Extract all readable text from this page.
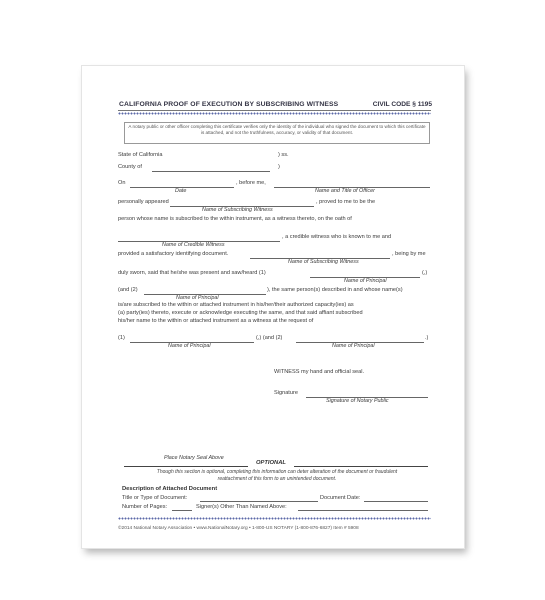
CALIFORNIA PROOF OF EXECUTION BY SUBSCRIBING WITNESS	CIVIL CODE § 1195
A notary public or other officer completing this certificate verifies only the identity of the individual who signed the document to which this certificate is attached, and not the truthfulness, accuracy, or validity of that document.
State of California	) ss.
County of	)
On	, before me,
Date	Name and Title of Officer
personally appeared	, proved to me to be the
Name of Subscribing Witness
person whose name is subscribed to the within instrument, as a witness thereto, on the oath of
, a credible witness who is known to me and
Name of Credible Witness
provided a satisfactory identifying document.	, being by me
Name of Subscribing Witness
duly sworn, said that he/she was present and saw/heard (1)	(,)
Name of Principal
(and (2)	), the same person(s) described in and whose name(s)
Name of Principal
is/are subscribed to the within or attached instrument in his/her/their authorized capacity(ies) as
(a) party(ies) thereto, execute or acknowledge executing the same, and that said affiant subscribed
his/her name to the within or attached instrument as a witness at the request of
(1)	(,) (and (2)	.)
Name of Principal	Name of Principal
WITNESS my hand and official seal.
Signature
Signature of Notary Public
Place Notary Seal Above
OPTIONAL
Though this section is optional, completing this information can deter alteration of the document or fraudulent reattachment of this form to an unintended document.
Description of Attached Document
Title or Type of Document:	Document Date:
Number of Pages:	Signer(s) Other Than Named Above:
©2014 National Notary Association • www.NationalNotary.org • 1-800-US NOTARY (1-800-876-6827) Item # 5908
